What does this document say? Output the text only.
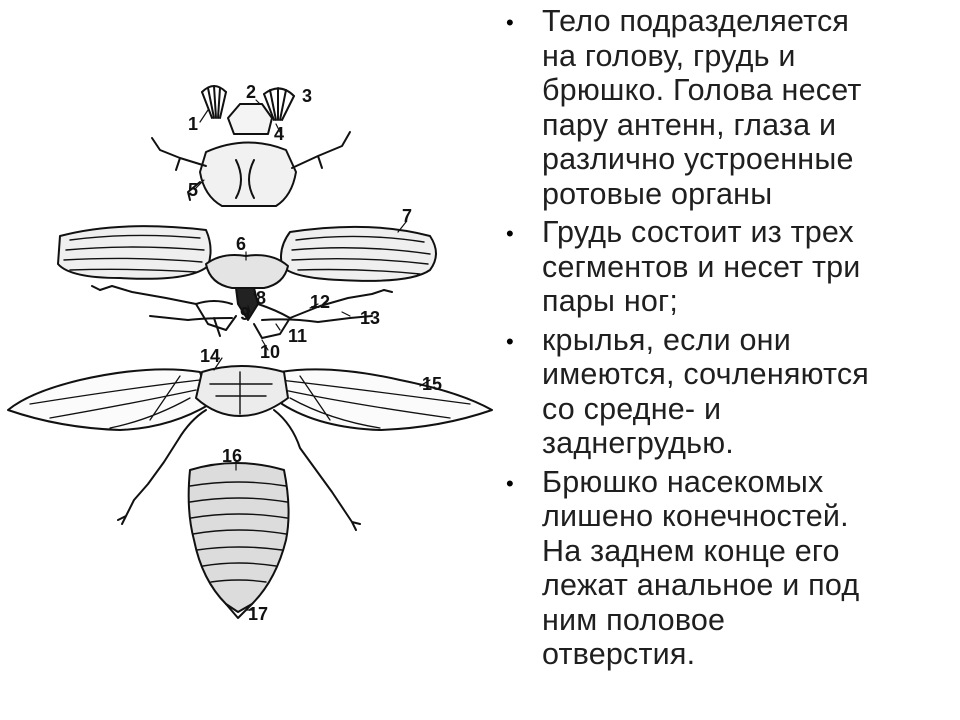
1
2	3
4
5
6
7
8
9
10
11
12
13
14
15
16
17
• Тело подразделяется
на голову, грудь и
брюшко. Голова несет
пару антенн, глаза и
различно устроенные
ротовые органы
• Грудь состоит из трех
сегментов и несет три
пары ног;
• крылья, если они
имеются, сочленяются
со средне- и
заднегрудью.
• Брюшко насекомых
лишено конечностей.
На заднем конце его
лежат анальное и под
ним половое
отверстия.
